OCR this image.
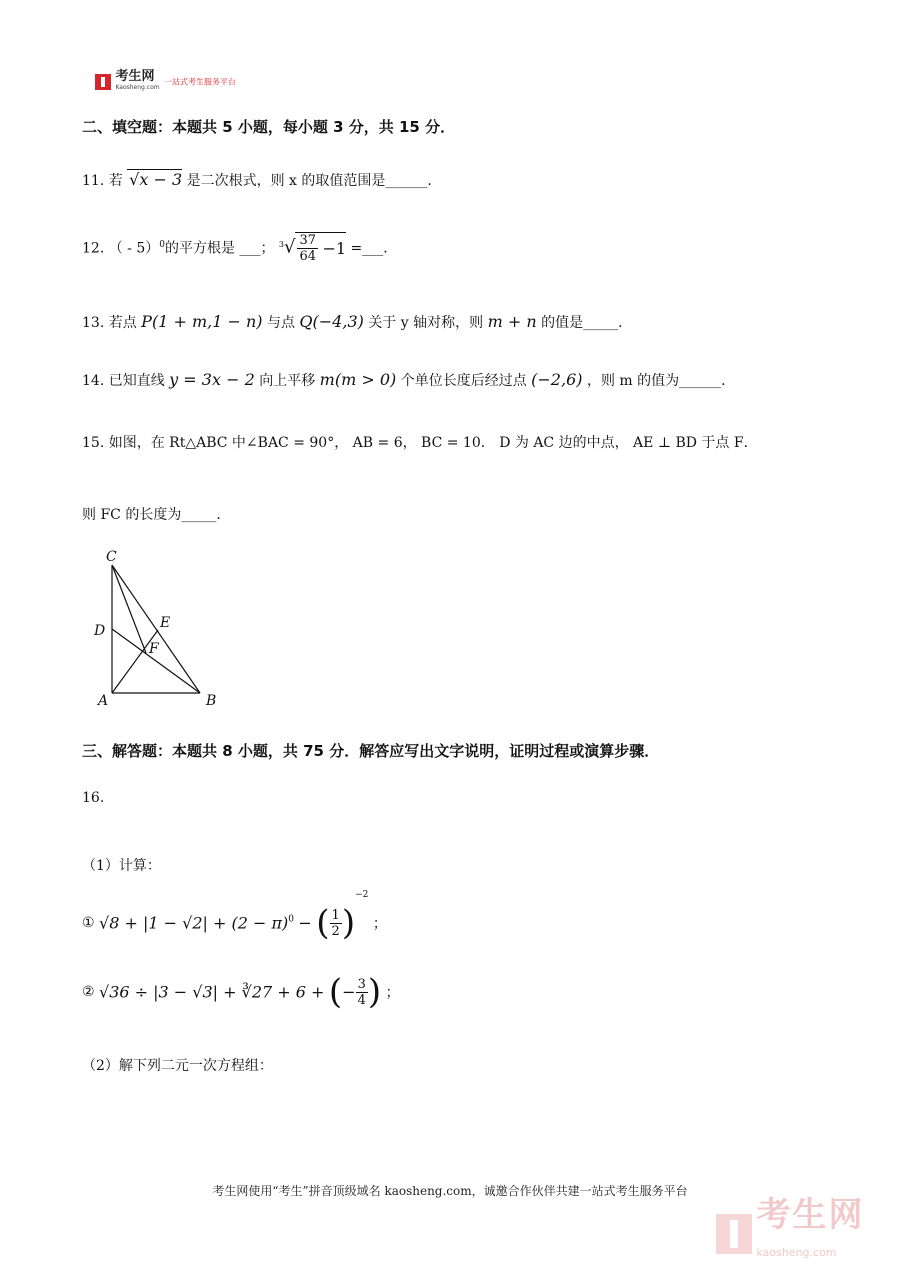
考生网
Kaosheng.com 一站式考生服务平台
二、填空题：本题共 5 小题，每小题 3 分，共 15 分．
11. 若 √x − 3 是二次根式，则 x 的取值范围是______．
12. （ - 5）$^0$的平方根是 ___； $^3√ \frac{37}{64} -1$ =___．
13. 若点 P(1 + m,1 − n) 与点 Q(−4,3) 关于 y 轴对称，则 m + n 的值是_____．
14. 已知直线 y = 3x − 2 向上平移 m(m > 0) 个单位长度后经过点 (−2,6) ，则 m 的值为______．
15. 如图，在 Rt△ABC 中∠BAC = 90°， AB = 6， BC = 10． D 为 AC 边的中点， AE ⊥ BD 于点 F．
则 FC 的长度为_____．
C
D	E
F
A	B
三、解答题：本题共 8 小题，共 75 分．解答应写出文字说明，证明过程或演算步骤．
16.
（1）计算：
① $√8 + |1 - √2| + (2 - \pi)^0$ − ( $\frac{1}{2} )^{-2}$ ；
② √36 ÷ |3 − √3| + ∛27 + 6 + (− $\frac{3}{4}$ ) ；
（2）解下列二元一次方程组：
考生网使用“考生”拼音顶级域名 kaosheng.com，诚邀合作伙伴共建一站式考生服务平台
考生网
kaosheng.com
